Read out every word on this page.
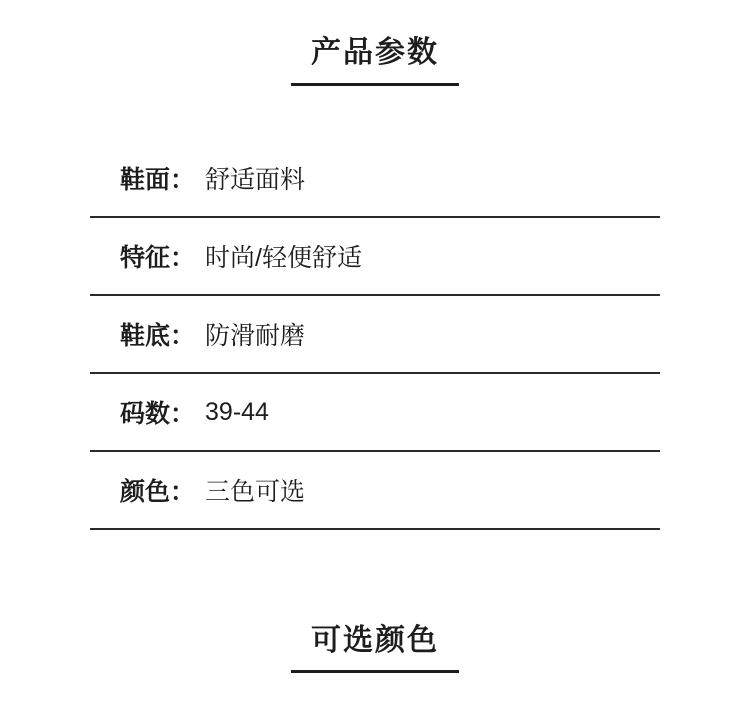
产品参数
鞋面： 舒适面料
特征： 时尚/轻便舒适
鞋底： 防滑耐磨
码数： 39-44
颜色： 三色可选
可选颜色
